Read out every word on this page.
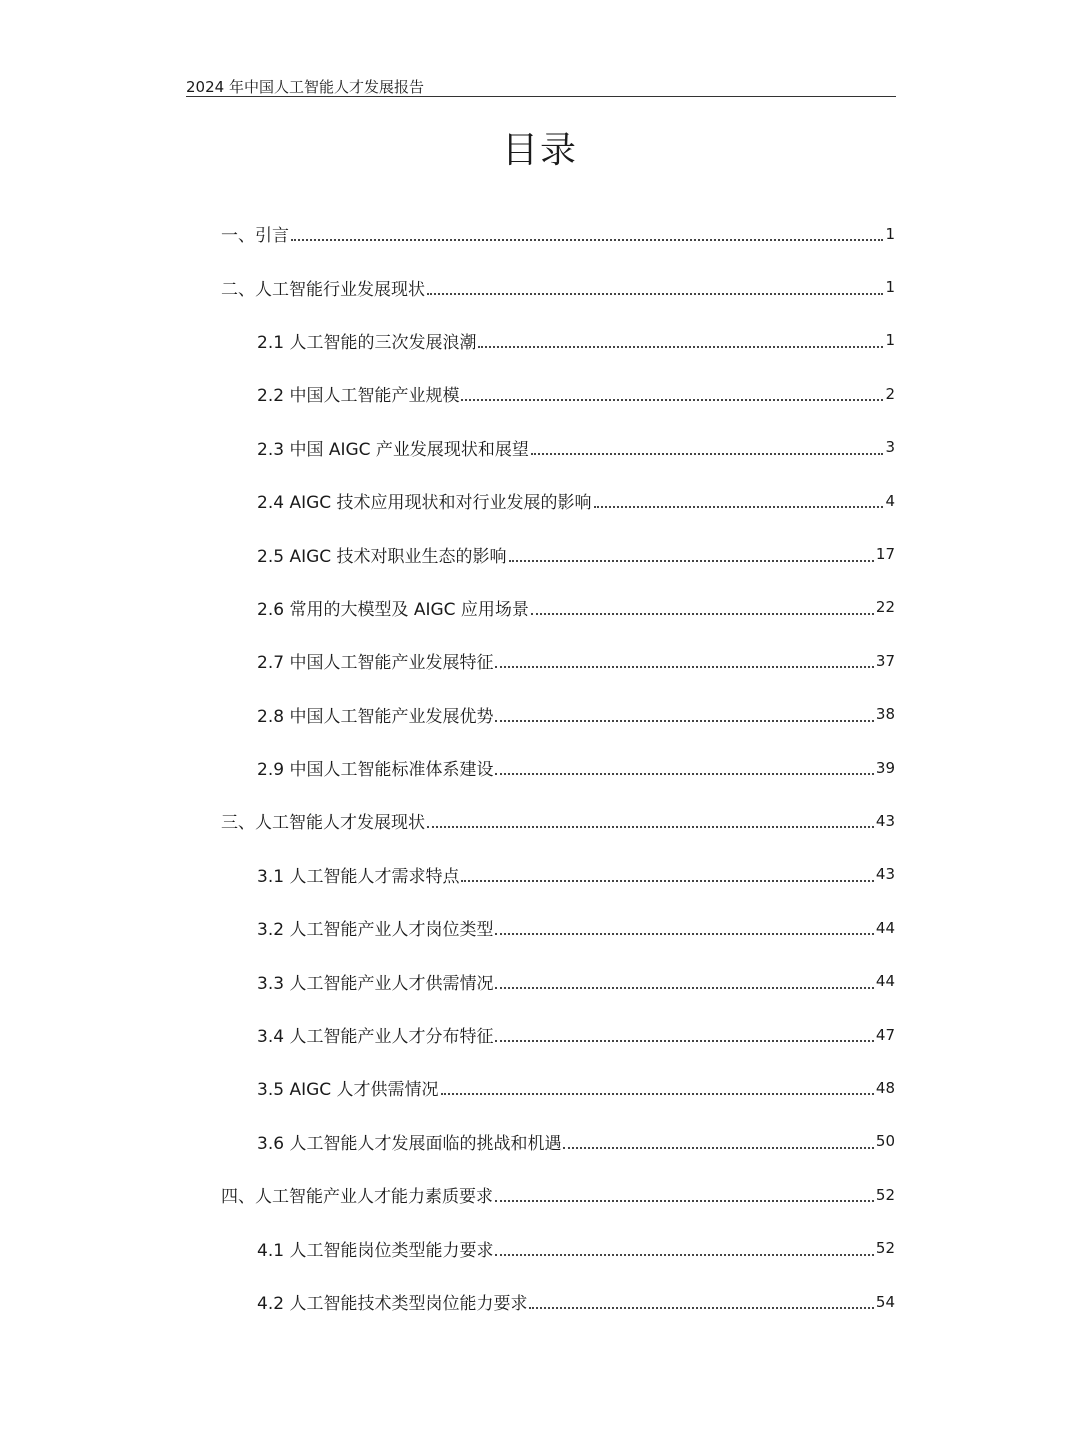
2024 年中国人工智能人才发展报告
目录
一、引言	1
二、人工智能行业发展现状	1
2.1 人工智能的三次发展浪潮	1
2.2 中国人工智能产业规模	2
2.3 中国 AIGC 产业发展现状和展望	3
2.4 AIGC 技术应用现状和对行业发展的影响	4
2.5 AIGC 技术对职业生态的影响	17
2.6 常用的大模型及 AIGC 应用场景	22
2.7 中国人工智能产业发展特征	37
2.8 中国人工智能产业发展优势	38
2.9 中国人工智能标准体系建设	39
三、人工智能人才发展现状	43
3.1 人工智能人才需求特点	43
3.2 人工智能产业人才岗位类型	44
3.3 人工智能产业人才供需情况	44
3.4 人工智能产业人才分布特征	47
3.5 AIGC 人才供需情况	48
3.6 人工智能人才发展面临的挑战和机遇	50
四、人工智能产业人才能力素质要求	52
4.1 人工智能岗位类型能力要求	52
4.2 人工智能技术类型岗位能力要求	54
